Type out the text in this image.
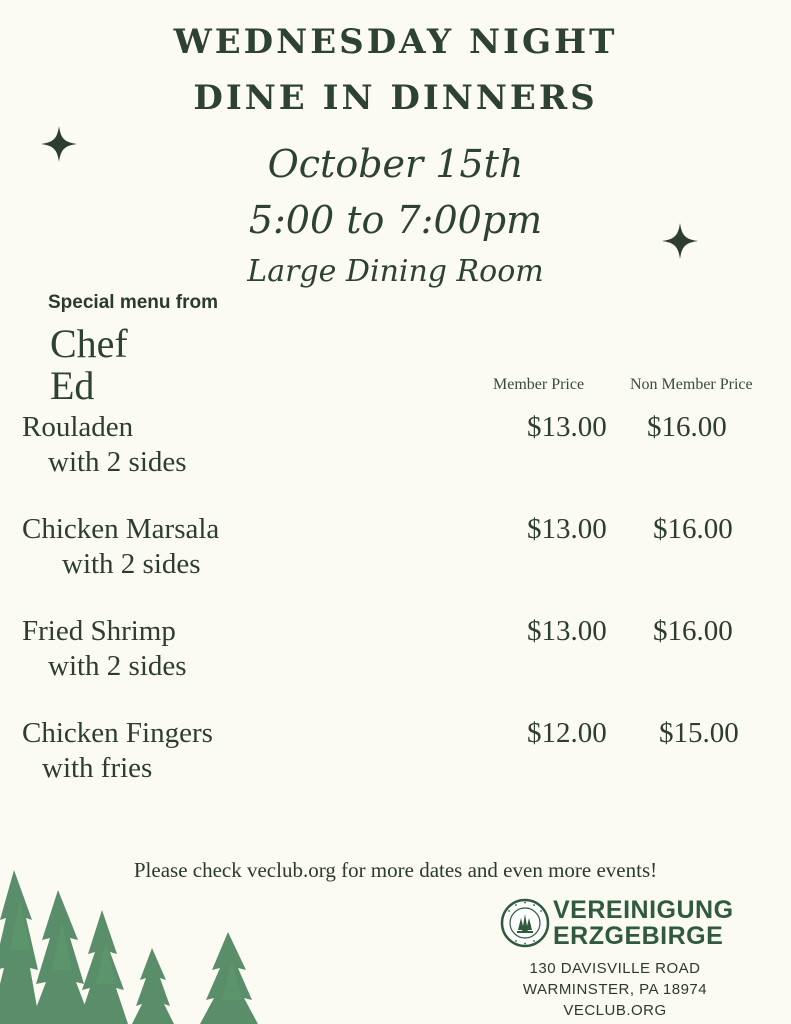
WEDNESDAY NIGHT
DINE IN DINNERS
October 15th
5:00 to 7:00pm
Large Dining Room
Special menu from
Chef
Ed	Member Price	Non Member Price
Rouladen
with 2 sides
$13.00 $16.00
Chicken Marsala
with 2 sides
$13.00 $16.00
Fried Shrimp
with 2 sides
$13.00 $16.00
Chicken Fingers
with fries
$12.00 $15.00
Please check veclub.org for more dates and even more events!
VEREINIGUNG
ERZGEBIRGE
130 DAVISVILLE ROAD
WARMINSTER, PA 18974
VECLUB.ORG
